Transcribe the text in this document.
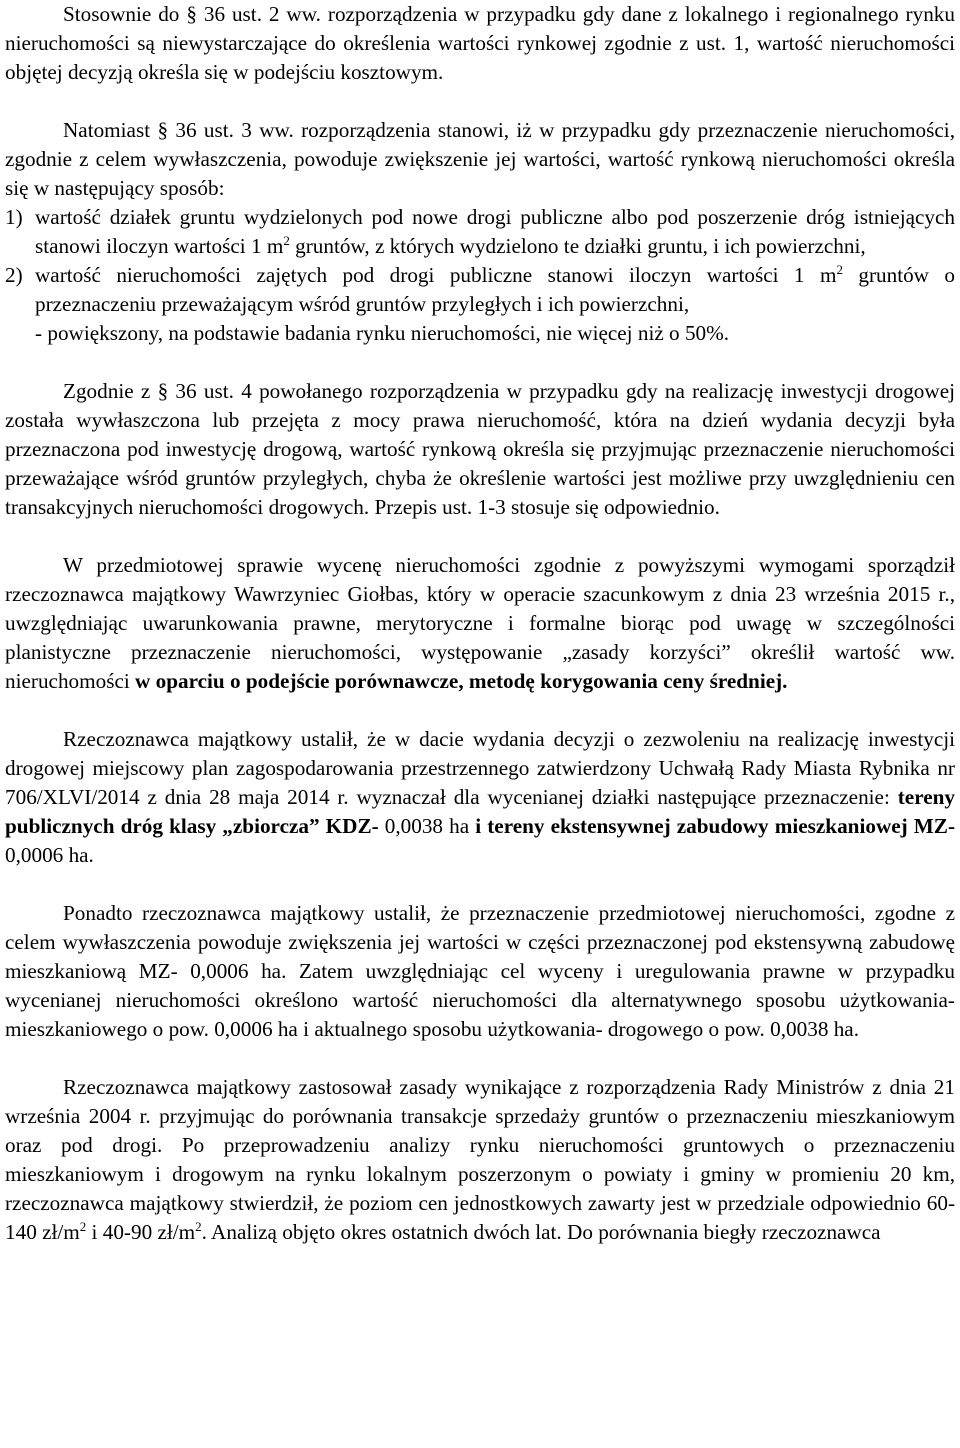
Stosownie do § 36 ust. 2 ww. rozporządzenia w przypadku gdy dane z lokalnego i regionalnego rynku nieruchomości są niewystarczające do określenia wartości rynkowej zgodnie z ust. 1, wartość nieruchomości objętej decyzją określa się w podejściu kosztowym.

Natomiast § 36 ust. 3 ww. rozporządzenia stanowi, iż w przypadku gdy przeznaczenie nieruchomości, zgodnie z celem wywłaszczenia, powoduje zwiększenie jej wartości, wartość rynkową nieruchomości określa się w następujący sposób:

1) wartość działek gruntu wydzielonych pod nowe drogi publiczne albo pod poszerzenie dróg istniejących stanowi iloczyn wartości 1 $m^2$ gruntów, z których wydzielono te działki gruntu, i ich powierzchni,
2) wartość nieruchomości zajętych pod drogi publiczne stanowi iloczyn wartości 1 $m^2$ gruntów o przeznaczeniu przeważającym wśród gruntów przyległych i ich powierzchni,

- powiększony, na podstawie badania rynku nieruchomości, nie więcej niż o 50%.

Zgodnie z § 36 ust. 4 powołanego rozporządzenia w przypadku gdy na realizację inwestycji drogowej została wywłaszczona lub przejęta z mocy prawa nieruchomość, która na dzień wydania decyzji była przeznaczona pod inwestycję drogową, wartość rynkową określa się przyjmując przeznaczenie nieruchomości przeważające wśród gruntów przyległych, chyba że określenie wartości jest możliwe przy uwzględnieniu cen transakcyjnych nieruchomości drogowych. Przepis ust. 1-3 stosuje się odpowiednio.

W przedmiotowej sprawie wycenę nieruchomości zgodnie z powyższymi wymogami sporządził rzeczoznawca majątkowy Wawrzyniec Giołbas, który w operacie szacunkowym z dnia 23 września 2015 r., uwzględniając uwarunkowania prawne, merytoryczne i formalne biorąc pod uwagę w szczególności planistyczne przeznaczenie nieruchomości, występowanie „zasady korzyści” określił wartość ww. nieruchomości w oparciu o podejście porównawcze, metodę korygowania ceny średniej.

Rzeczoznawca majątkowy ustalił, że w dacie wydania decyzji o zezwoleniu na realizację inwestycji drogowej miejscowy plan zagospodarowania przestrzennego zatwierdzony Uchwałą Rady Miasta Rybnika nr 706/XLVI/2014 z dnia 28 maja 2014 r. wyznaczał dla wycenianej działki następujące przeznaczenie: tereny publicznych dróg klasy „zbiorcza” KDZ- 0,0038 ha i tereny ekstensywnej zabudowy mieszkaniowej MZ- 0,0006 ha.

Ponadto rzeczoznawca majątkowy ustalił, że przeznaczenie przedmiotowej nieruchomości, zgodne z celem wywłaszczenia powoduje zwiększenia jej wartości w części przeznaczonej pod ekstensywną zabudowę mieszkaniową MZ- 0,0006 ha. Zatem uwzględniając cel wyceny i uregulowania prawne w przypadku wycenianej nieruchomości określono wartość nieruchomości dla alternatywnego sposobu użytkowania- mieszkaniowego o pow. 0,0006 ha i aktualnego sposobu użytkowania- drogowego o pow. 0,0038 ha.

Rzeczoznawca majątkowy zastosował zasady wynikające z rozporządzenia Rady Ministrów z dnia 21 września 2004 r. przyjmując do porównania transakcje sprzedaży gruntów o przeznaczeniu mieszkaniowym oraz pod drogi. Po przeprowadzeniu analizy rynku nieruchomości gruntowych o przeznaczeniu mieszkaniowym i drogowym na rynku lokalnym poszerzonym o powiaty i gminy w promieniu 20 km, rzeczoznawca majątkowy stwierdził, że poziom cen jednostkowych zawarty jest w przedziale odpowiednio 60-140 $zł/m^2$ i 40-90 $zł/m^2$. Analizą objęto okres ostatnich dwóch lat. Do porównania biegły rzeczoznawca
